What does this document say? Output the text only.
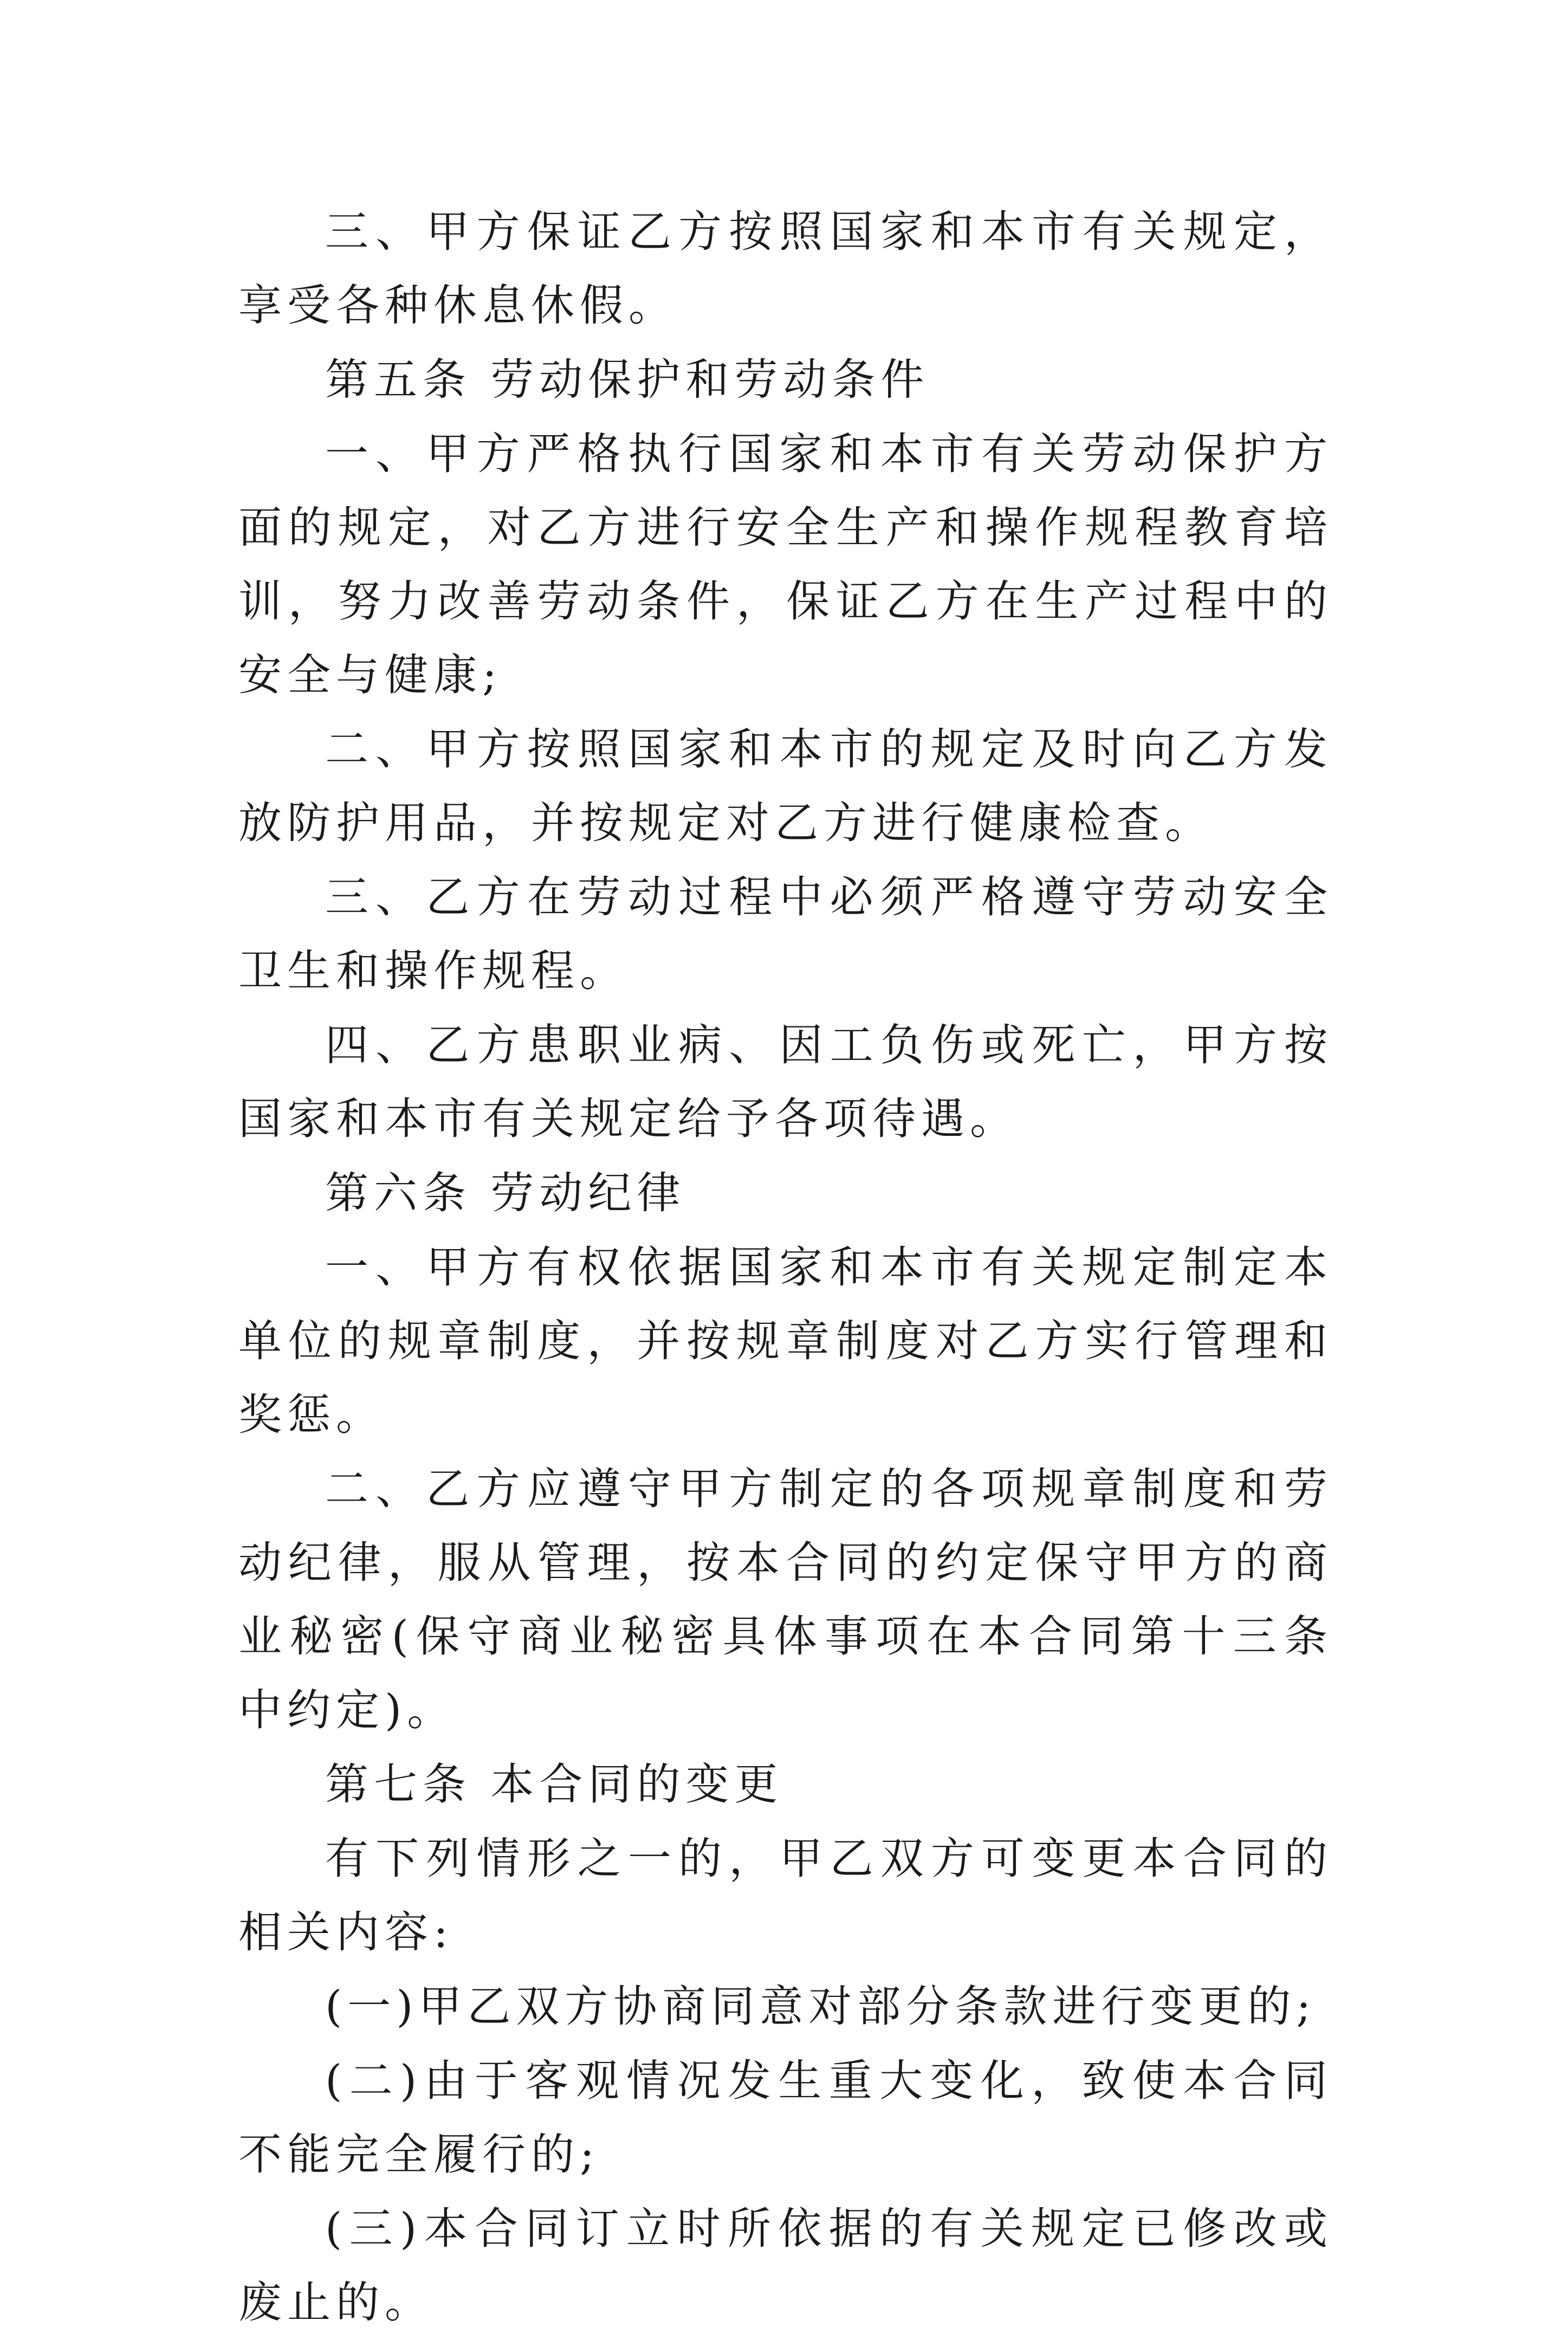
三、甲方保证乙方按照国家和本市有关规定，享受各种休息休假。

第五条 劳动保护和劳动条件

一、甲方严格执行国家和本市有关劳动保护方面的规定，对乙方进行安全生产和操作规程教育培训，努力改善劳动条件，保证乙方在生产过程中的安全与健康;

二、甲方按照国家和本市的规定及时向乙方发放防护用品，并按规定对乙方进行健康检查。

三、乙方在劳动过程中必须严格遵守劳动安全卫生和操作规程。

四、乙方患职业病、因工负伤或死亡，甲方按国家和本市有关规定给予各项待遇。

第六条 劳动纪律

一、甲方有权依据国家和本市有关规定制定本单位的规章制度，并按规章制度对乙方实行管理和奖惩。

二、乙方应遵守甲方制定的各项规章制度和劳动纪律，服从管理，按本合同的约定保守甲方的商业秘密(保守商业秘密具体事项在本合同第十三条中约定)。

第七条 本合同的变更

有下列情形之一的，甲乙双方可变更本合同的相关内容:

(一)甲乙双方协商同意对部分条款进行变更的;

(二)由于客观情况发生重大变化，致使本合同不能完全履行的;

(三)本合同订立时所依据的有关规定已修改或废止的。
